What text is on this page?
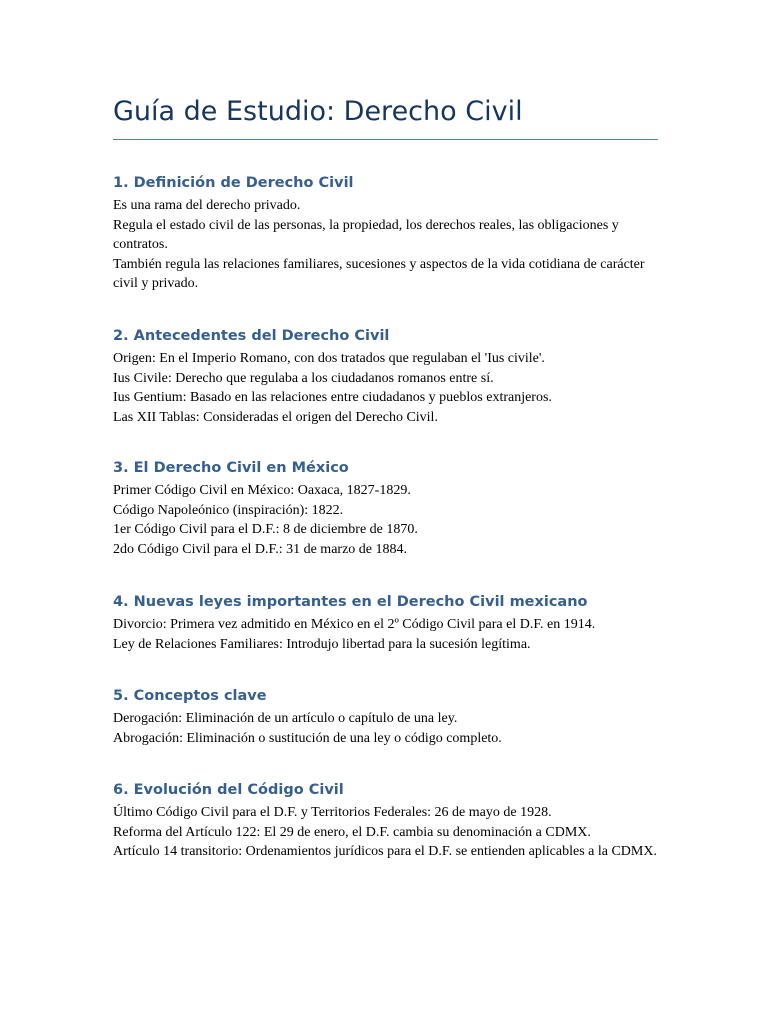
Guía de Estudio: Derecho Civil
1. Definición de Derecho Civil

Es una rama del derecho privado.

Regula el estado civil de las personas, la propiedad, los derechos reales, las obligaciones y contratos.

También regula las relaciones familiares, sucesiones y aspectos de la vida cotidiana de carácter civil y privado.

2. Antecedentes del Derecho Civil

Origen: En el Imperio Romano, con dos tratados que regulaban el 'Ius civile'.

Ius Civile: Derecho que regulaba a los ciudadanos romanos entre sí.

Ius Gentium: Basado en las relaciones entre ciudadanos y pueblos extranjeros.

Las XII Tablas: Consideradas el origen del Derecho Civil.

3. El Derecho Civil en México

Primer Código Civil en México: Oaxaca, 1827-1829.

Código Napoleónico (inspiración): 1822.

1er Código Civil para el D.F.: 8 de diciembre de 1870.

2do Código Civil para el D.F.: 31 de marzo de 1884.

4. Nuevas leyes importantes en el Derecho Civil mexicano

Divorcio: Primera vez admitido en México en el 2º Código Civil para el D.F. en 1914.

Ley de Relaciones Familiares: Introdujo libertad para la sucesión legítima.

5. Conceptos clave

Derogación: Eliminación de un artículo o capítulo de una ley.

Abrogación: Eliminación o sustitución de una ley o código completo.

6. Evolución del Código Civil

Último Código Civil para el D.F. y Territorios Federales: 26 de mayo de 1928.

Reforma del Artículo 122: El 29 de enero, el D.F. cambia su denominación a CDMX.

Artículo 14 transitorio: Ordenamientos jurídicos para el D.F. se entienden aplicables a la CDMX.
